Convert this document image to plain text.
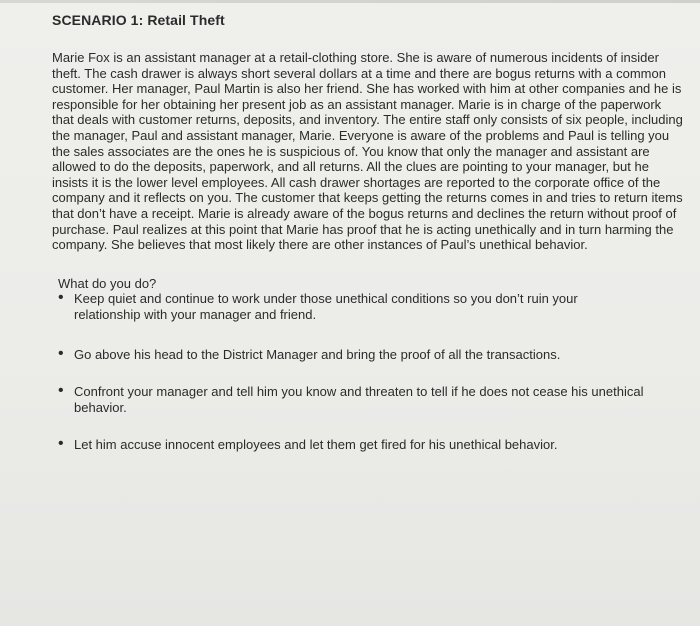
SCENARIO 1: Retail Theft

Marie Fox is an assistant manager at a retail-clothing store. She is aware of numerous incidents of insider theft. The cash drawer is always short several dollars at a time and there are bogus returns with a common customer. Her manager, Paul Martin is also her friend. She has worked with him at other companies and he is responsible for her obtaining her present job as an assistant manager. Marie is in charge of the paperwork that deals with customer returns, deposits, and inventory. The entire staff only consists of six people, including the manager, Paul and assistant manager, Marie. Everyone is aware of the problems and Paul is telling you the sales associates are the ones he is suspicious of. You know that only the manager and assistant are allowed to do the deposits, paperwork, and all returns. All the clues are pointing to your manager, but he insists it is the lower level employees. All cash drawer shortages are reported to the corporate office of the company and it reflects on you. The customer that keeps getting the returns comes in and tries to return items that don’t have a receipt. Marie is already aware of the bogus returns and declines the return without proof of purchase. Paul realizes at this point that Marie has proof that he is acting unethically and in turn harming the company. She believes that most likely there are other instances of Paul’s unethical behavior.

What do you do?
• Keep quiet and continue to work under those unethical conditions so you don’t ruin your relationship with your manager and friend.
• Go above his head to the District Manager and bring the proof of all the transactions.
• Confront your manager and tell him you know and threaten to tell if he does not cease his unethical behavior.
• Let him accuse innocent employees and let them get fired for his unethical behavior.
